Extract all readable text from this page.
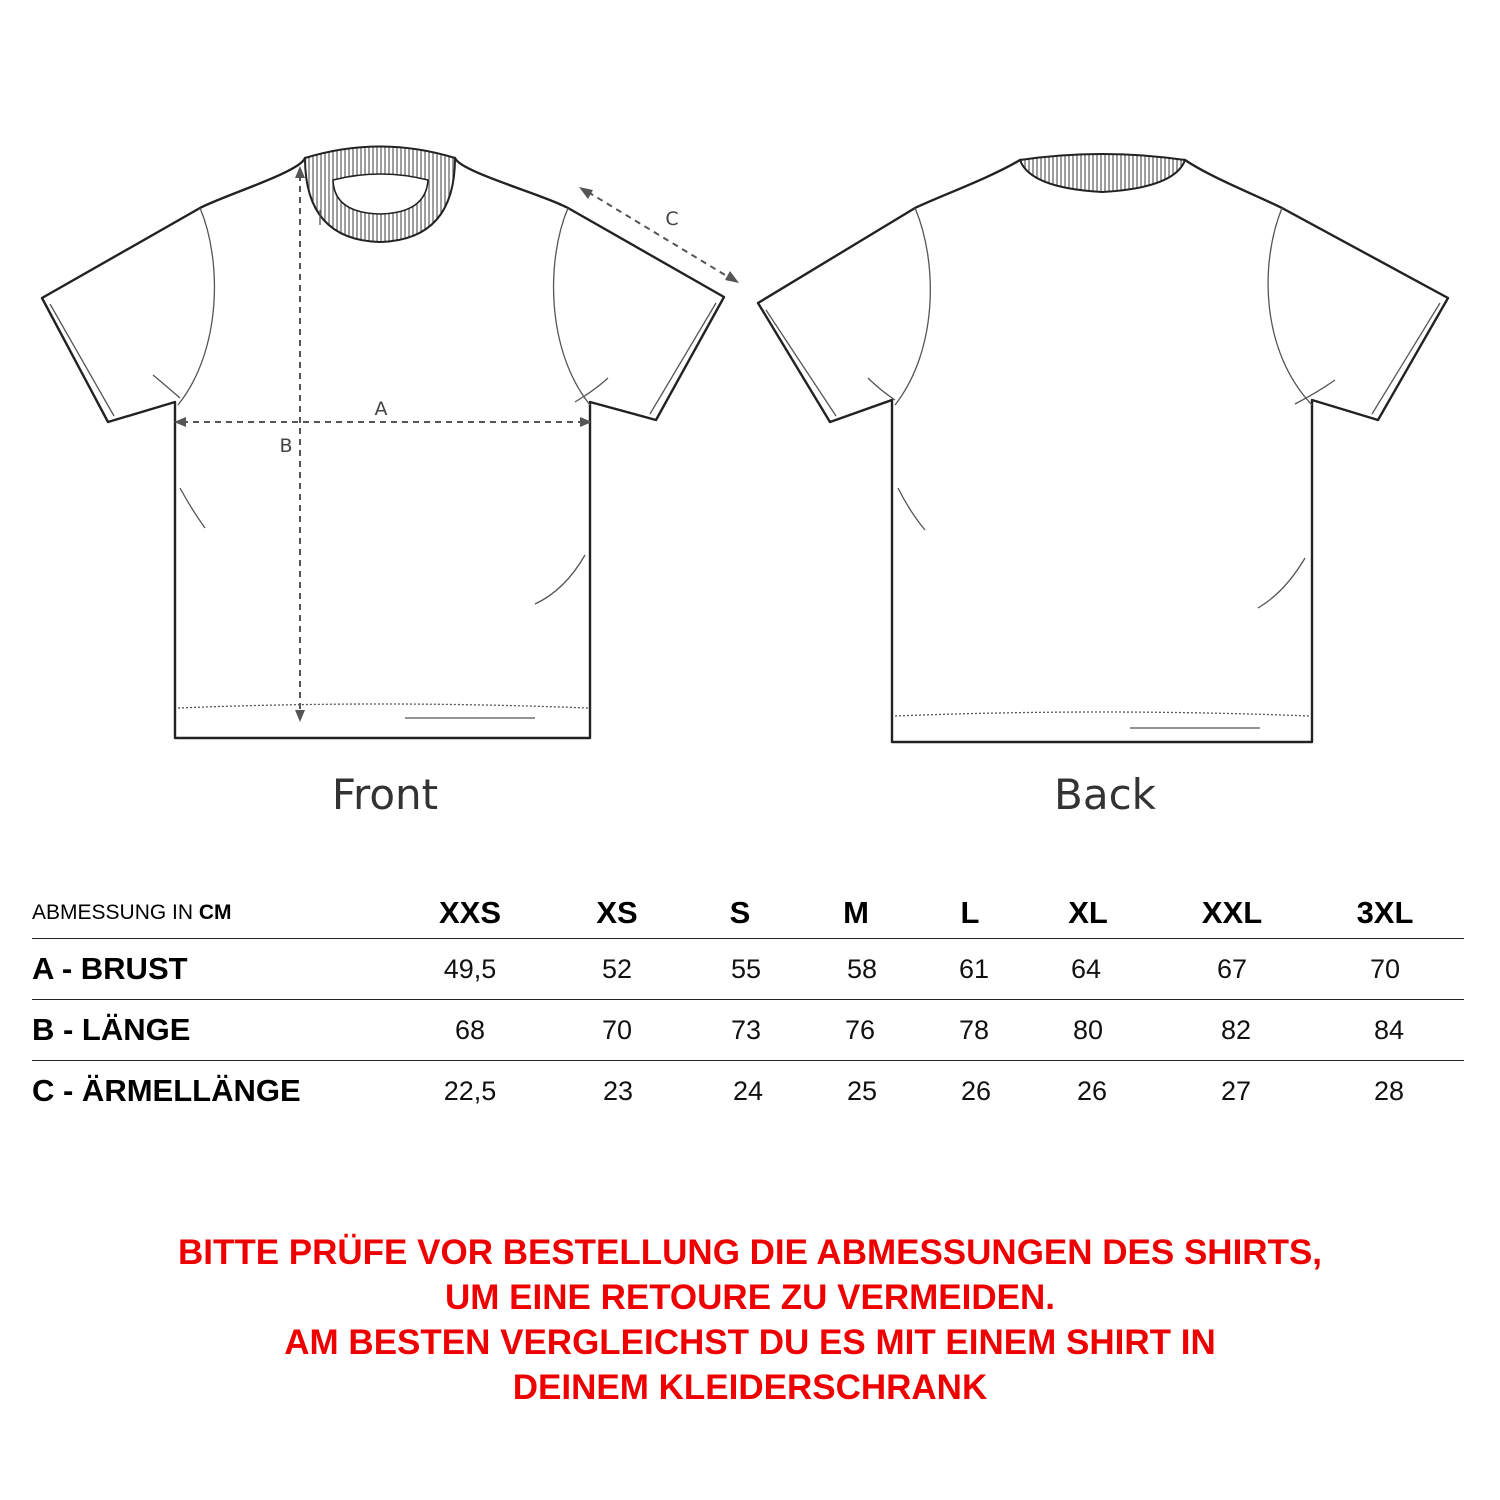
A
B
C
Front	Back
ABMESSUNG IN CM	XXS	XS	S	M	L	XL	XXL	3XL
A - BRUST	49,5	52	55	58	61	64	67	70
B - LÄNGE	68	70	73	76	78	80	82	84
C - ÄRMELLÄNGE	22,5	23	24	25	26	26	27	28
BITTE PRÜFE VOR BESTELLUNG DIE ABMESSUNGEN DES SHIRTS,
UM EINE RETOURE ZU VERMEIDEN.
AM BESTEN VERGLEICHST DU ES MIT EINEM SHIRT IN
DEINEM KLEIDERSCHRANK
